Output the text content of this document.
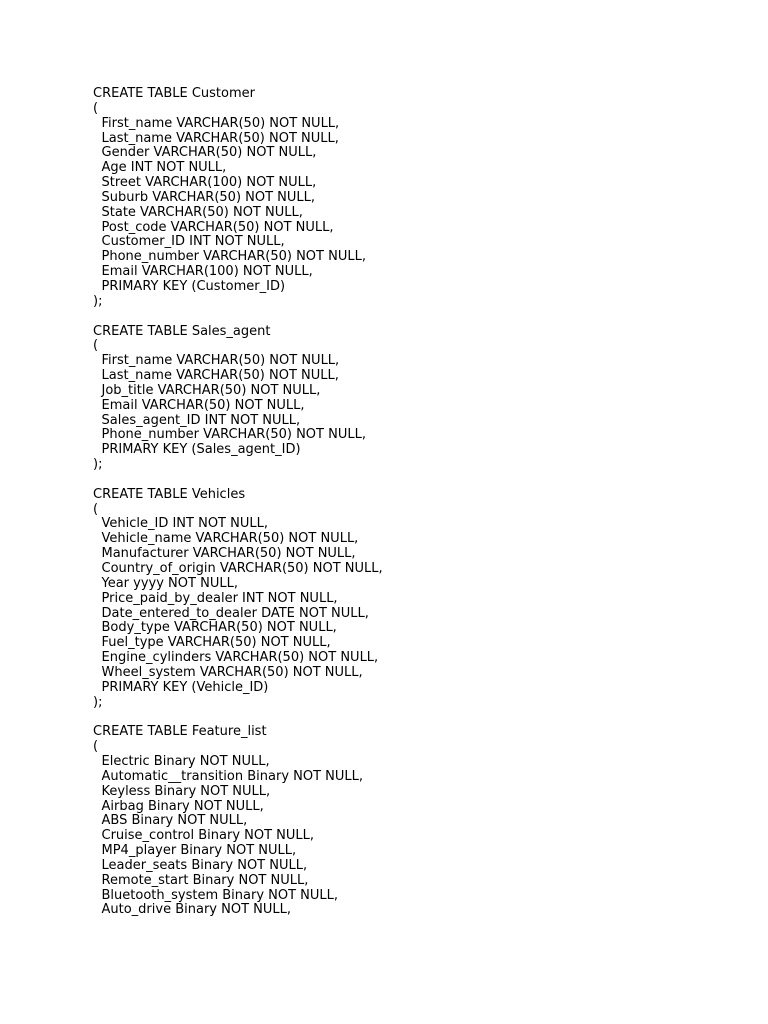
CREATE TABLE Customer
(
First_name VARCHAR(50) NOT NULL,
Last_name VARCHAR(50) NOT NULL,
Gender VARCHAR(50) NOT NULL,
Age INT NOT NULL,
Street VARCHAR(100) NOT NULL,
Suburb VARCHAR(50) NOT NULL,
State VARCHAR(50) NOT NULL,
Post_code VARCHAR(50) NOT NULL,
Customer_ID INT NOT NULL,
Phone_number VARCHAR(50) NOT NULL,
Email VARCHAR(100) NOT NULL,
PRIMARY KEY (Customer_ID)
);
CREATE TABLE Sales_agent
(
First_name VARCHAR(50) NOT NULL,
Last_name VARCHAR(50) NOT NULL,
Job_title VARCHAR(50) NOT NULL,
Email VARCHAR(50) NOT NULL,
Sales_agent_ID INT NOT NULL,
Phone_number VARCHAR(50) NOT NULL,
PRIMARY KEY (Sales_agent_ID)
);
CREATE TABLE Vehicles
(
Vehicle_ID INT NOT NULL,
Vehicle_name VARCHAR(50) NOT NULL,
Manufacturer VARCHAR(50) NOT NULL,
Country_of_origin VARCHAR(50) NOT NULL,
Year yyyy NOT NULL,
Price_paid_by_dealer INT NOT NULL,
Date_entered_to_dealer DATE NOT NULL,
Body_type VARCHAR(50) NOT NULL,
Fuel_type VARCHAR(50) NOT NULL,
Engine_cylinders VARCHAR(50) NOT NULL,
Wheel_system VARCHAR(50) NOT NULL,
PRIMARY KEY (Vehicle_ID)
);
CREATE TABLE Feature_list
(
Electric Binary NOT NULL,
Automatic__transition Binary NOT NULL,
Keyless Binary NOT NULL,
Airbag Binary NOT NULL,
ABS Binary NOT NULL,
Cruise_control Binary NOT NULL,
MP4_player Binary NOT NULL,
Leader_seats Binary NOT NULL,
Remote_start Binary NOT NULL,
Bluetooth_system Binary NOT NULL,
Auto_drive Binary NOT NULL,
